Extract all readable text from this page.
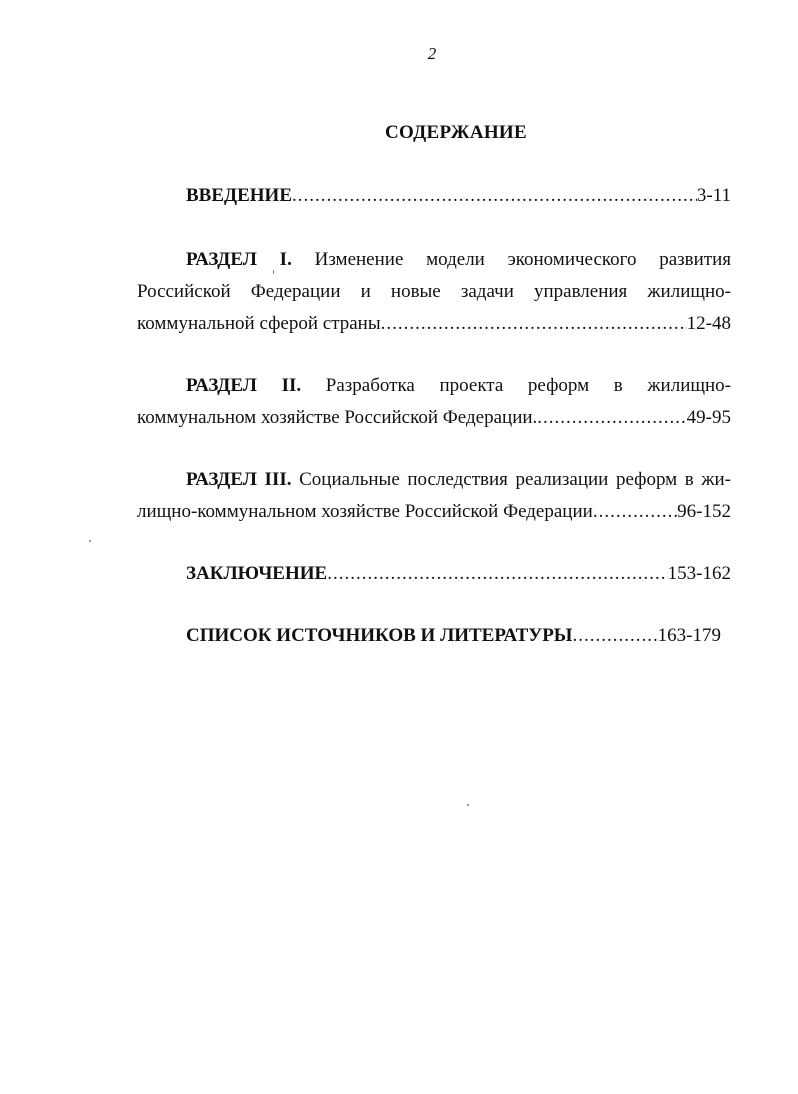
2
СОДЕРЖАНИЕ
ВВЕДЕНИЕ .....	3-11
РАЗДЕЛ I. Изменение модели экономического развития
Российской Федерации и новые задачи управления жилищно-
коммунальной сферой страны .....	12-48
РАЗДЕЛ II. Разработка проекта реформ в жилищно-
коммунальном хозяйстве Российской Федерации. .....	49-95
РАЗДЕЛ III. Социальные последствия реализации реформ в жи-
лищно-коммунальном хозяйстве Российской Федерации .....	96-152
ЗАКЛЮЧЕНИЕ .....	153-162
СПИСОК ИСТОЧНИКОВ И ЛИТЕРАТУРЫ .....	163-179
